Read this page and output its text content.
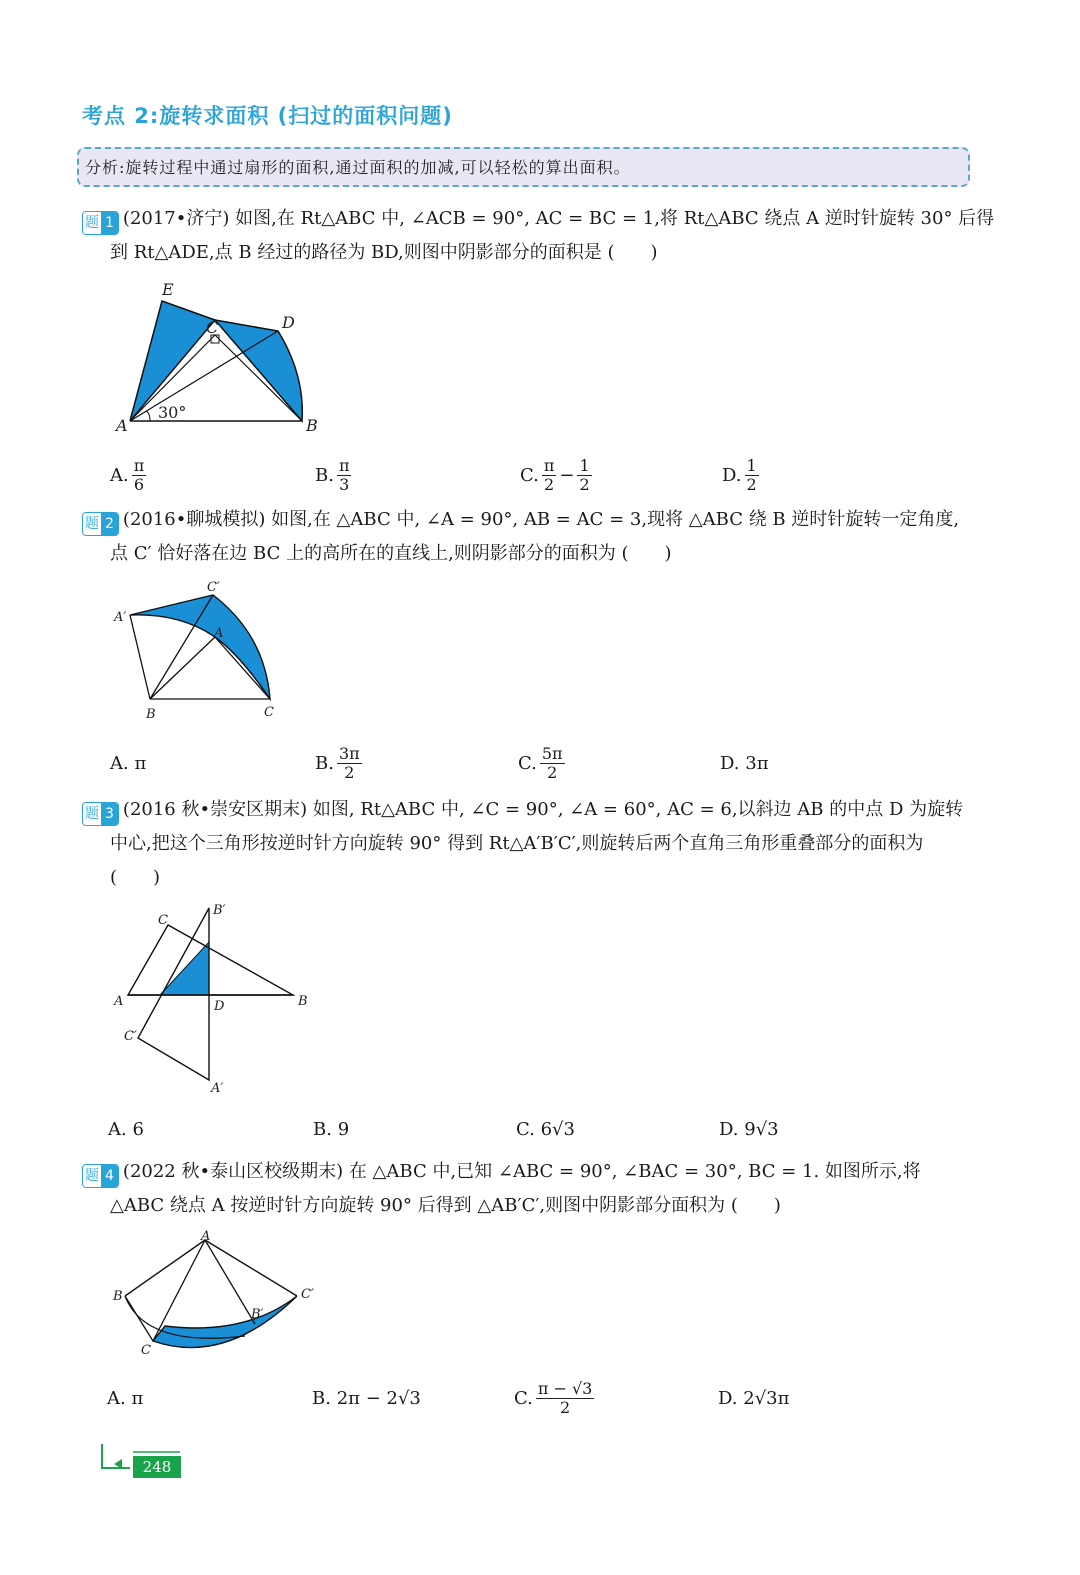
考点 2:旋转求面积 (扫过的面积问题)
分析:旋转过程中通过扇形的面积,通过面积的加减,可以轻松的算出面积。
题 1 (2017•济宁) 如图,在 Rt△ABC 中, ∠ACB = 90°, AC = BC = 1,将 Rt△ABC 绕点 A 逆时针旋转 30° 后得
到 Rt△ADE,点 B 经过的路径为 BD,则图中阴影部分的面积是 (　　)
E
C	D
A	B
30°
A. $\frac{\pi}{6}$	B. $\frac{\pi}{3}$	C. $\frac{\pi}{2} - \frac{1}{2}$	D. $\frac{1}{2}$
题 2 (2016•聊城模拟) 如图,在 △ABC 中, ∠A = 90°, AB = AC = 3,现将 △ABC 绕 B 逆时针旋转一定角度,
点 C′ 恰好落在边 BC 上的高所在的直线上,则阴影部分的面积为 (　　)
C′
A′
A
B	C
A.
π	B. $\frac{3\pi}{2}$	C. $\frac{5\pi}{2}$	D.
3π
题 3 (2016 秋•崇安区期末) 如图, Rt△ABC 中, ∠C = 90°, ∠A = 60°, AC = 6,以斜边 AB 的中点 D 为旋转
中心,把这个三角形按逆时针方向旋转 90° 得到 Rt△A′B′C′,则旋转后两个直角三角形重叠部分的面积为
(　　)
C
B′
A	D	B
C′
A′
A.
6	B.
9	C.
6√3	D.
9√3
题 4 (2022 秋•泰山区校级期末) 在 △ABC 中,已知 ∠ABC = 90°, ∠BAC = 30°, BC = 1. 如图所示,将
△ABC 绕点 A 按逆时针方向旋转 90° 后得到 △AB′C′,则图中阴影部分面积为 (　　)
A
B	C′
B′
C
A.
π	B.
2π − 2√3	C. $\frac{\pi - √3}{2}$	D.
2√3π
248
